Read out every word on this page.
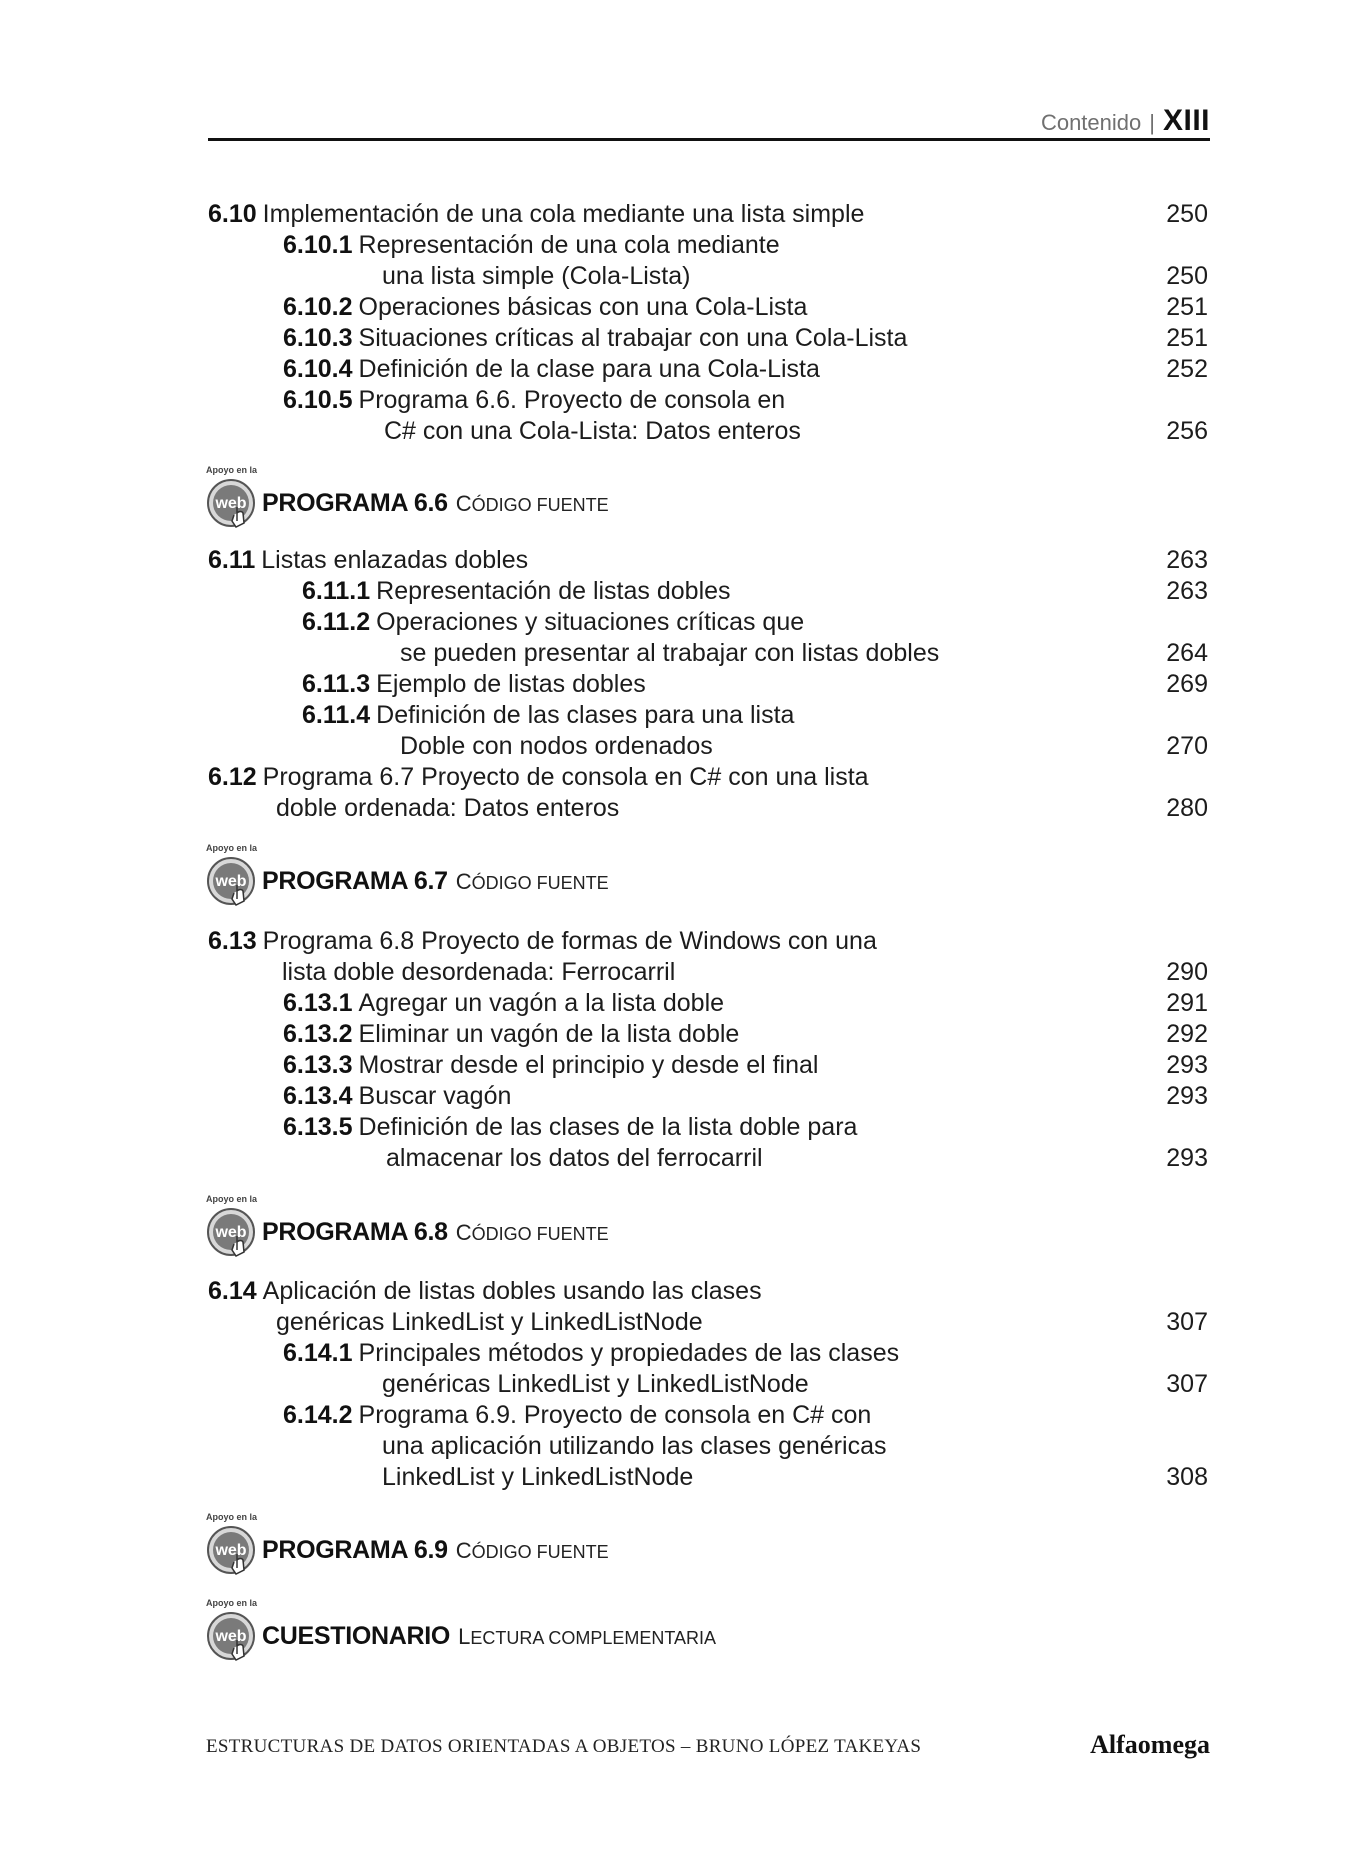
Contenido | XIII
6.10 Implementación de una cola mediante una lista simple	250
6.10.1 Representación de una cola mediante
una lista simple (Cola-Lista)	250
6.10.2 Operaciones básicas con una Cola-Lista	251
6.10.3 Situaciones críticas al trabajar con una Cola-Lista	251
6.10.4 Definición de la clase para una Cola-Lista	252
6.10.5 Programa 6.6. Proyecto de consola en
C# con una Cola-Lista: Datos enteros	256
6.11 Listas enlazadas dobles	263
6.11.1 Representación de listas dobles	263
6.11.2 Operaciones y situaciones críticas que
se pueden presentar al trabajar con listas dobles	264
6.11.3 Ejemplo de listas dobles	269
6.11.4 Definición de las clases para una lista
Doble con nodos ordenados	270
6.12 Programa 6.7 Proyecto de consola en C# con una lista
doble ordenada: Datos enteros	280
6.13 Programa 6.8 Proyecto de formas de Windows con una
lista doble desordenada: Ferrocarril	290
6.13.1 Agregar un vagón a la lista doble	291
6.13.2 Eliminar un vagón de la lista doble	292
6.13.3 Mostrar desde el principio y desde el final	293
6.13.4 Buscar vagón	293
6.13.5 Definición de las clases de la lista doble para
almacenar los datos del ferrocarril	293
6.14 Aplicación de listas dobles usando las clases
genéricas LinkedList y LinkedListNode	307
6.14.1 Principales métodos y propiedades de las clases
genéricas LinkedList y LinkedListNode	307
6.14.2 Programa 6.9. Proyecto de consola en C# con
una aplicación utilizando las clases genéricas
LinkedList y LinkedListNode	308
Apoyo en la
web PROGRAMA 6.6 CÓDIGO FUENTE
Apoyo en la
web PROGRAMA 6.7 CÓDIGO FUENTE
Apoyo en la
web PROGRAMA 6.8 CÓDIGO FUENTE
Apoyo en la
web PROGRAMA 6.9 CÓDIGO FUENTE
Apoyo en la
web CUESTIONARIO LECTURA COMPLEMENTARIA
ESTRUCTURAS DE DATOS ORIENTADAS A OBJETOS – BRUNO LÓPEZ TAKEYAS	Alfaomega
